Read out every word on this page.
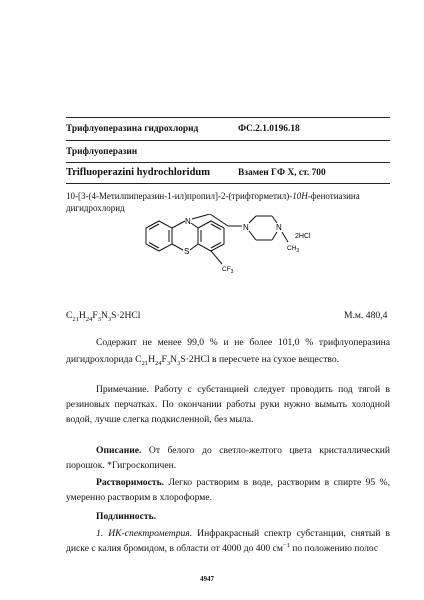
Трифлуоперазина гидрохлорид	ФС.2.1.0196.18
Трифлуоперазин
Trifluoperazini hydrochloridum	Взамен ГФ X, ст. 700
10-[3-(4-Метилпиперазин-1-ил)пропил]-2-(трифторметил)-10H-фенотиазина
дигидрохлорид
N
S
N	N
$CH_3$
$CF_3$
2HCl
$C_{21}H_{24}F_3N_3S\cdot 2HCl$	М.м. 480,4
Содержит не менее 99,0 % и не более 101,0 % трифлуоперазина
дигидрохлорида $C_{21}H_{24}F_3N_3S\cdot 2HCl$ в пересчете на сухое вещество.
Примечание. Работу с субстанцией следует проводить под тягой в
резиновых перчатках. По окончании работы руки нужно вымыть холодной
водой, лучше слегка подкисленной, без мыла.
Описание. От белого до светло-желтого цвета кристаллический
порошок. *Гигроскопичен.
Растворимость. Легко растворим в воде, растворим в спирте 95 %,
умеренно растворим в хлороформе.
Подлинность.
1. ИК-спектрометрия. Инфракрасный спектр субстанции, снятый в
диске с калия бромидом, в области от 4000 до 400 $см^{-1}$ по положению полос
4947
